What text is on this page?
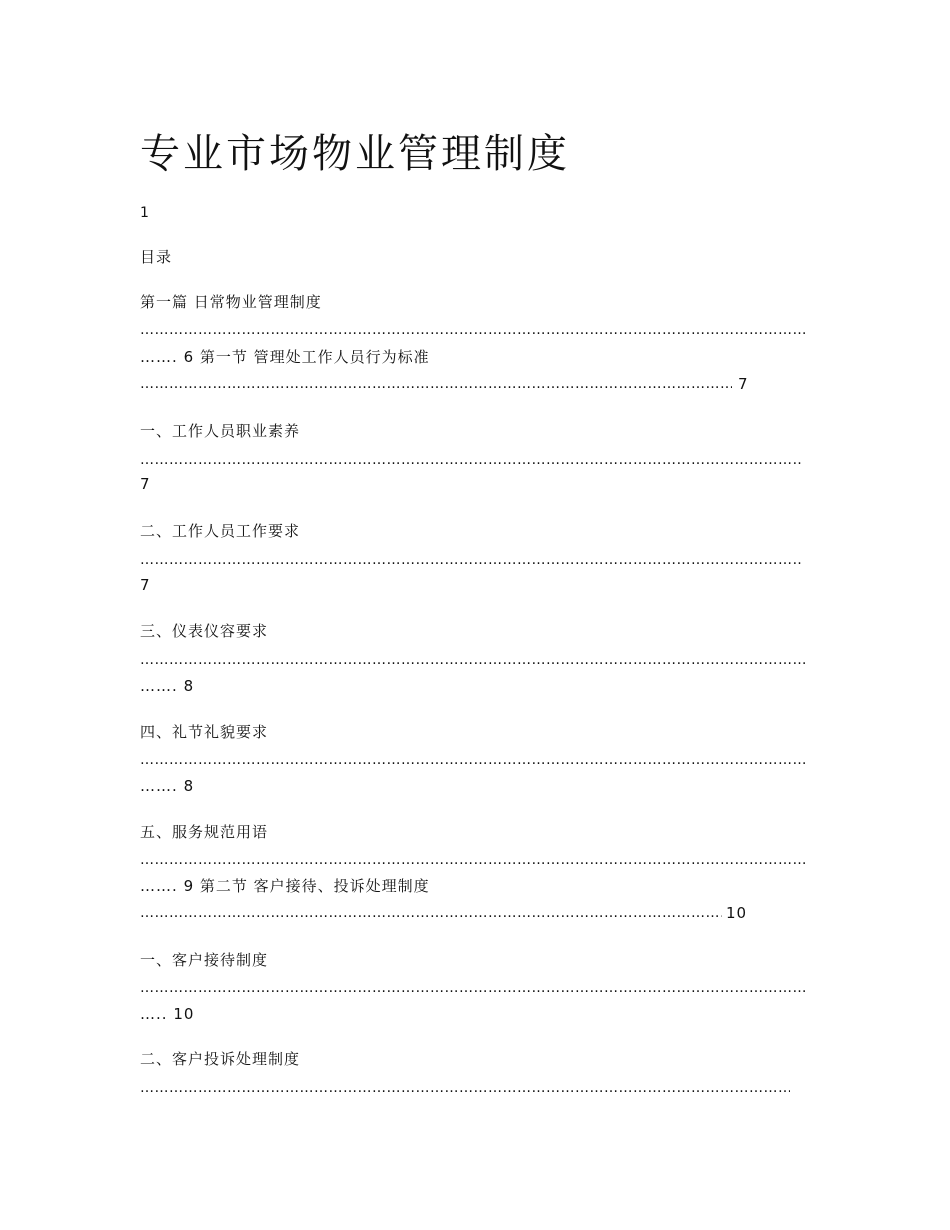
专业市场物业管理制度
1
目录
第一篇 日常物业管理制度
……………………………………………………………………………………………………………………………………………………………………………………………………………………
……. 6 第一节 管理处工作人员行为标准
……………………………………………………………………………………………………………………………………………………………………………………………………………………
7
一、工作人员职业素养
……………………………………………………………………………………………………………………………………………………………………………………………………………………
7
二、工作人员工作要求
……………………………………………………………………………………………………………………………………………………………………………………………………………………
7
三、仪表仪容要求
……………………………………………………………………………………………………………………………………………………………………………………………………………………
……. 8
四、礼节礼貌要求
……………………………………………………………………………………………………………………………………………………………………………………………………………………
……. 8
五、服务规范用语
……………………………………………………………………………………………………………………………………………………………………………………………………………………
……. 9 第二节 客户接待、投诉处理制度
……………………………………………………………………………………………………………………………………………………………………………………………………………………
10
一、客户接待制度
……………………………………………………………………………………………………………………………………………………………………………………………………………………
….. 10
二、客户投诉处理制度
……………………………………………………………………………………………………………………………………………………………………………………………………………………
